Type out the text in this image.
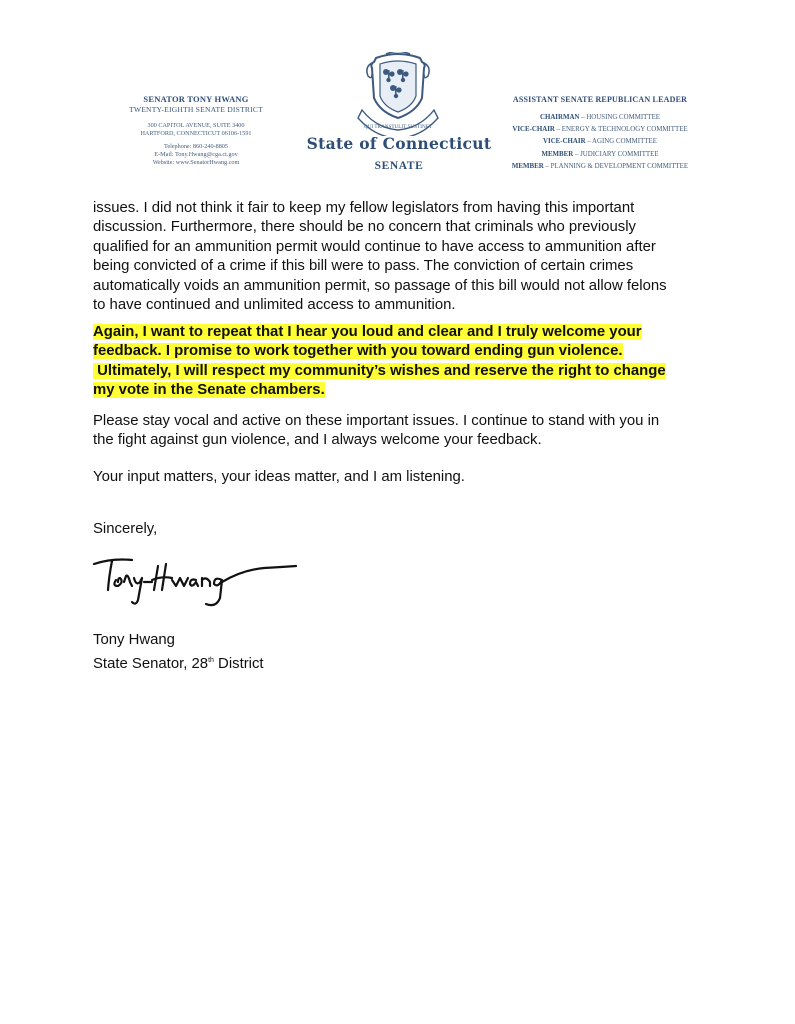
SENATOR TONY HWANG
TWENTY-EIGHTH SENATE DISTRICT
300 CAPITOL AVENUE, SUITE 3400
HARTFORD, CONNECTICUT 06106-1591
Telephone: 860-240-8805
E-Mail: Tony.Hwang@cga.ct.gov
Website: www.SenatorHwang.com
QUI TRANSTULIT SUSTINET
State of Connecticut
SENATE
ASSISTANT SENATE REPUBLICAN LEADER
CHAIRMAN – HOUSING COMMITTEE
VICE-CHAIR – ENERGY & TECHNOLOGY COMMITTEE
VICE-CHAIR – AGING COMMITTEE
MEMBER – JUDICIARY COMMITTEE
MEMBER – PLANNING & DEVELOPMENT COMMITTEE
issues. I did not think it fair to keep my fellow legislators from having this important
discussion. Furthermore, there should be no concern that criminals who previously
qualified for an ammunition permit would continue to have access to ammunition after
being convicted of a crime if this bill were to pass. The conviction of certain crimes
automatically voids an ammunition permit, so passage of this bill would not allow felons
to have continued and unlimited access to ammunition.
Again, I want to repeat that I hear you loud and clear and I truly welcome your
feedback. I promise to work together with you toward ending gun violence.
Ultimately, I will respect my community’s wishes and reserve the right to change
my vote in the Senate chambers.
Please stay vocal and active on these important issues. I continue to stand with you in
the fight against gun violence, and I always welcome your feedback.
Your input matters, your ideas matter, and I am listening.
Sincerely,
Tony Hwang
State Senator, 28th District
